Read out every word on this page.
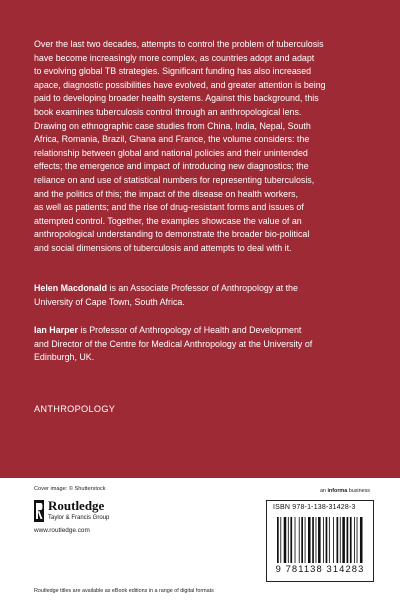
Over the last two decades, attempts to control the problem of tuberculosis
have become increasingly more complex, as countries adopt and adapt
to evolving global TB strategies. Significant funding has also increased
apace, diagnostic possibilities have evolved, and greater attention is being
paid to developing broader health systems. Against this background, this
book examines tuberculosis control through an anthropological lens.
Drawing on ethnographic case studies from China, India, Nepal, South
Africa, Romania, Brazil, Ghana and France, the volume considers: the
relationship between global and national policies and their unintended
effects; the emergence and impact of introducing new diagnostics; the
reliance on and use of statistical numbers for representing tuberculosis,
and the politics of this; the impact of the disease on health workers,
as well as patients; and the rise of drug-resistant forms and issues of
attempted control. Together, the examples showcase the value of an
anthropological understanding to demonstrate the broader bio-political
and social dimensions of tuberculosis and attempts to deal with it.

Helen Macdonald is an Associate Professor of Anthropology at the
University of Cape Town, South Africa.

Ian Harper is Professor of Anthropology of Health and Development
and Director of the Centre for Medical Anthropology at the University of
Edinburgh, UK.

ANTHROPOLOGY
Cover image: © Shutterstock	an informa business
Routledge
Taylor & Francis Group
www.routledge.com
ISBN 978-1-138-31428-3
9 781138 314283
Routledge titles are available as eBook editions in a range of digital formats
